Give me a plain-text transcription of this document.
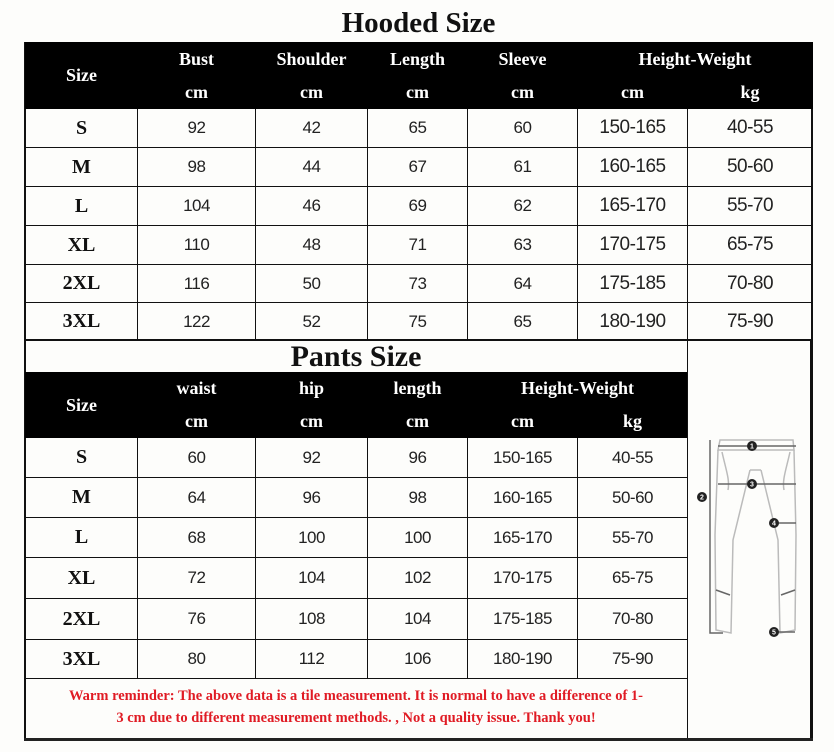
Hooded Size
Size	Bust	Shoulder	Length	Sleeve	Height-Weight	
	cm	cm	cm	cm	cm	kg
S	92	42	65	60	150-165	40-55
M	98	44	67	61	160-165	50-60
L	104	46	69	62	165-170	55-70
XL	110	48	71	63	170-175	65-75
2XL	116	50	73	64	175-185	70-80
3XL	122	52	75	65	180-190	75-90
Pants Size
Size	waist	hip	length	Height-Weight	
	cm	cm	cm	cm	kg
S	60	92	96	150-165	40-55
M	64	96	98	160-165	50-60
L	68	100	100	165-170	55-70
XL	72	104	102	170-175	65-75
2XL	76	108	104	175-185	70-80
3XL	80	112	106	180-190	75-90
1
2
3
4
5
Warm reminder: The above data is a tile measurement. It is normal to have a difference of 1-
3 cm due to different measurement methods. , Not a quality issue. Thank you!
